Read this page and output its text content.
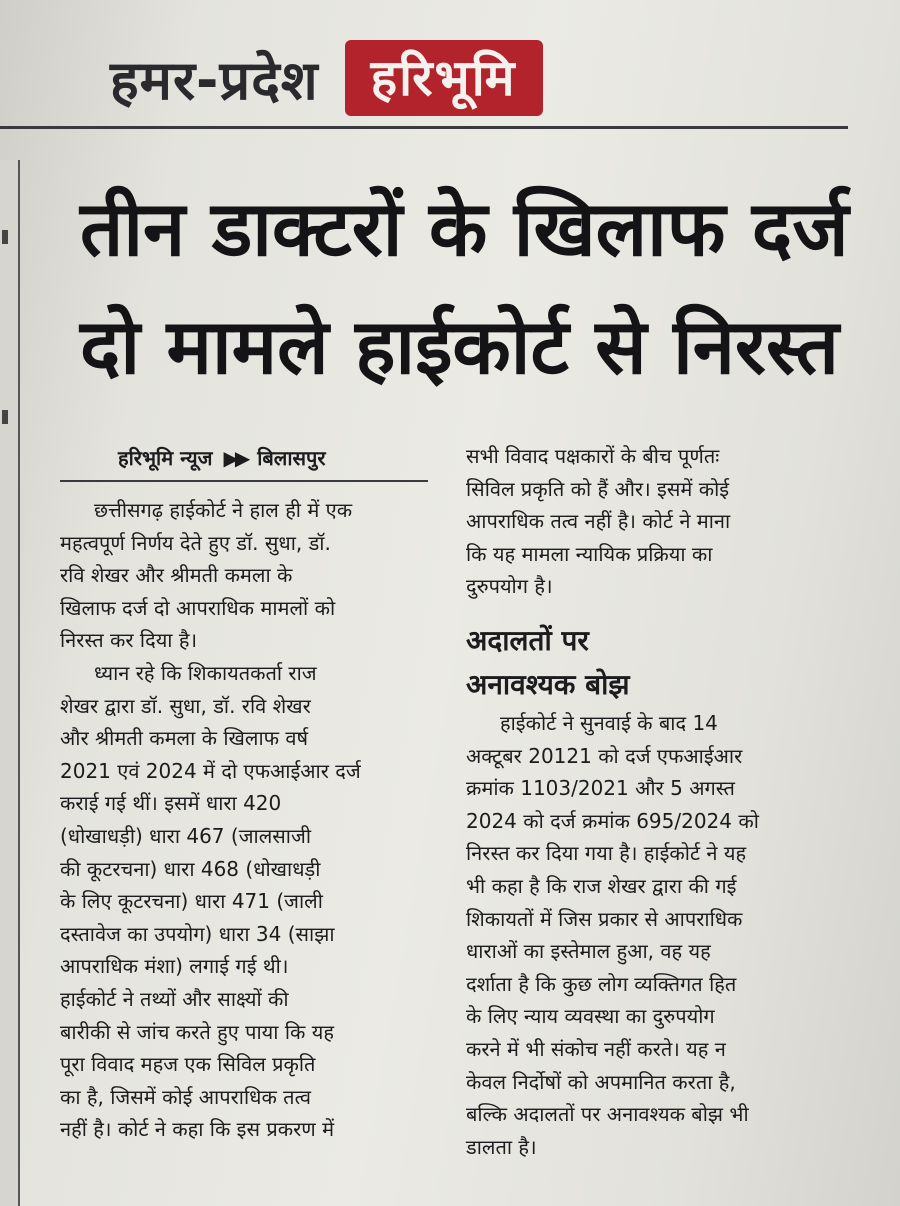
हमर-प्रदेश	हरिभूमि
तीन डाक्टरों के खिलाफ दर्ज
दो मामले हाईकोर्ट से निरस्त
हरिभूमि न्यूज ▶▶ बिलासपुर
छत्तीसगढ़ हाईकोर्ट ने हाल ही में एक
महत्वपूर्ण निर्णय देते हुए डॉ. सुधा, डॉ.
रवि शेखर और श्रीमती कमला के
खिलाफ दर्ज दो आपराधिक मामलों को
निरस्त कर दिया है।
ध्यान रहे कि शिकायतकर्ता राज
शेखर द्वारा डॉ. सुधा, डॉ. रवि शेखर
और श्रीमती कमला के खिलाफ वर्ष
2021 एवं 2024 में दो एफआईआर दर्ज
कराई गई थीं। इसमें धारा 420
(धोखाधड़ी) धारा 467 (जालसाजी
की कूटरचना) धारा 468 (धोखाधड़ी
के लिए कूटरचना) धारा 471 (जाली
दस्तावेज का उपयोग) धारा 34 (साझा
आपराधिक मंशा) लगाई गई थी।
हाईकोर्ट ने तथ्यों और साक्ष्यों की
बारीकी से जांच करते हुए पाया कि यह
पूरा विवाद महज एक सिविल प्रकृति
का है, जिसमें कोई आपराधिक तत्व
नहीं है। कोर्ट ने कहा कि इस प्रकरण में
सभी विवाद पक्षकारों के बीच पूर्णतः
सिविल प्रकृति को हैं और। इसमें कोई
आपराधिक तत्व नहीं है। कोर्ट ने माना
कि यह मामला न्यायिक प्रक्रिया का
दुरुपयोग है।
अदालतों पर
अनावश्यक बोझ
हाईकोर्ट ने सुनवाई के बाद 14
अक्टूबर 20121 को दर्ज एफआईआर
क्रमांक 1103/2021 और 5 अगस्त
2024 को दर्ज क्रमांक 695/2024 को
निरस्त कर दिया गया है। हाईकोर्ट ने यह
भी कहा है कि राज शेखर द्वारा की गई
शिकायतों में जिस प्रकार से आपराधिक
धाराओं का इस्तेमाल हुआ, वह यह
दर्शाता है कि कुछ लोग व्यक्तिगत हित
के लिए न्याय व्यवस्था का दुरुपयोग
करने में भी संकोच नहीं करते। यह न
केवल निर्दोषों को अपमानित करता है,
बल्कि अदालतों पर अनावश्यक बोझ भी
डालता है।
